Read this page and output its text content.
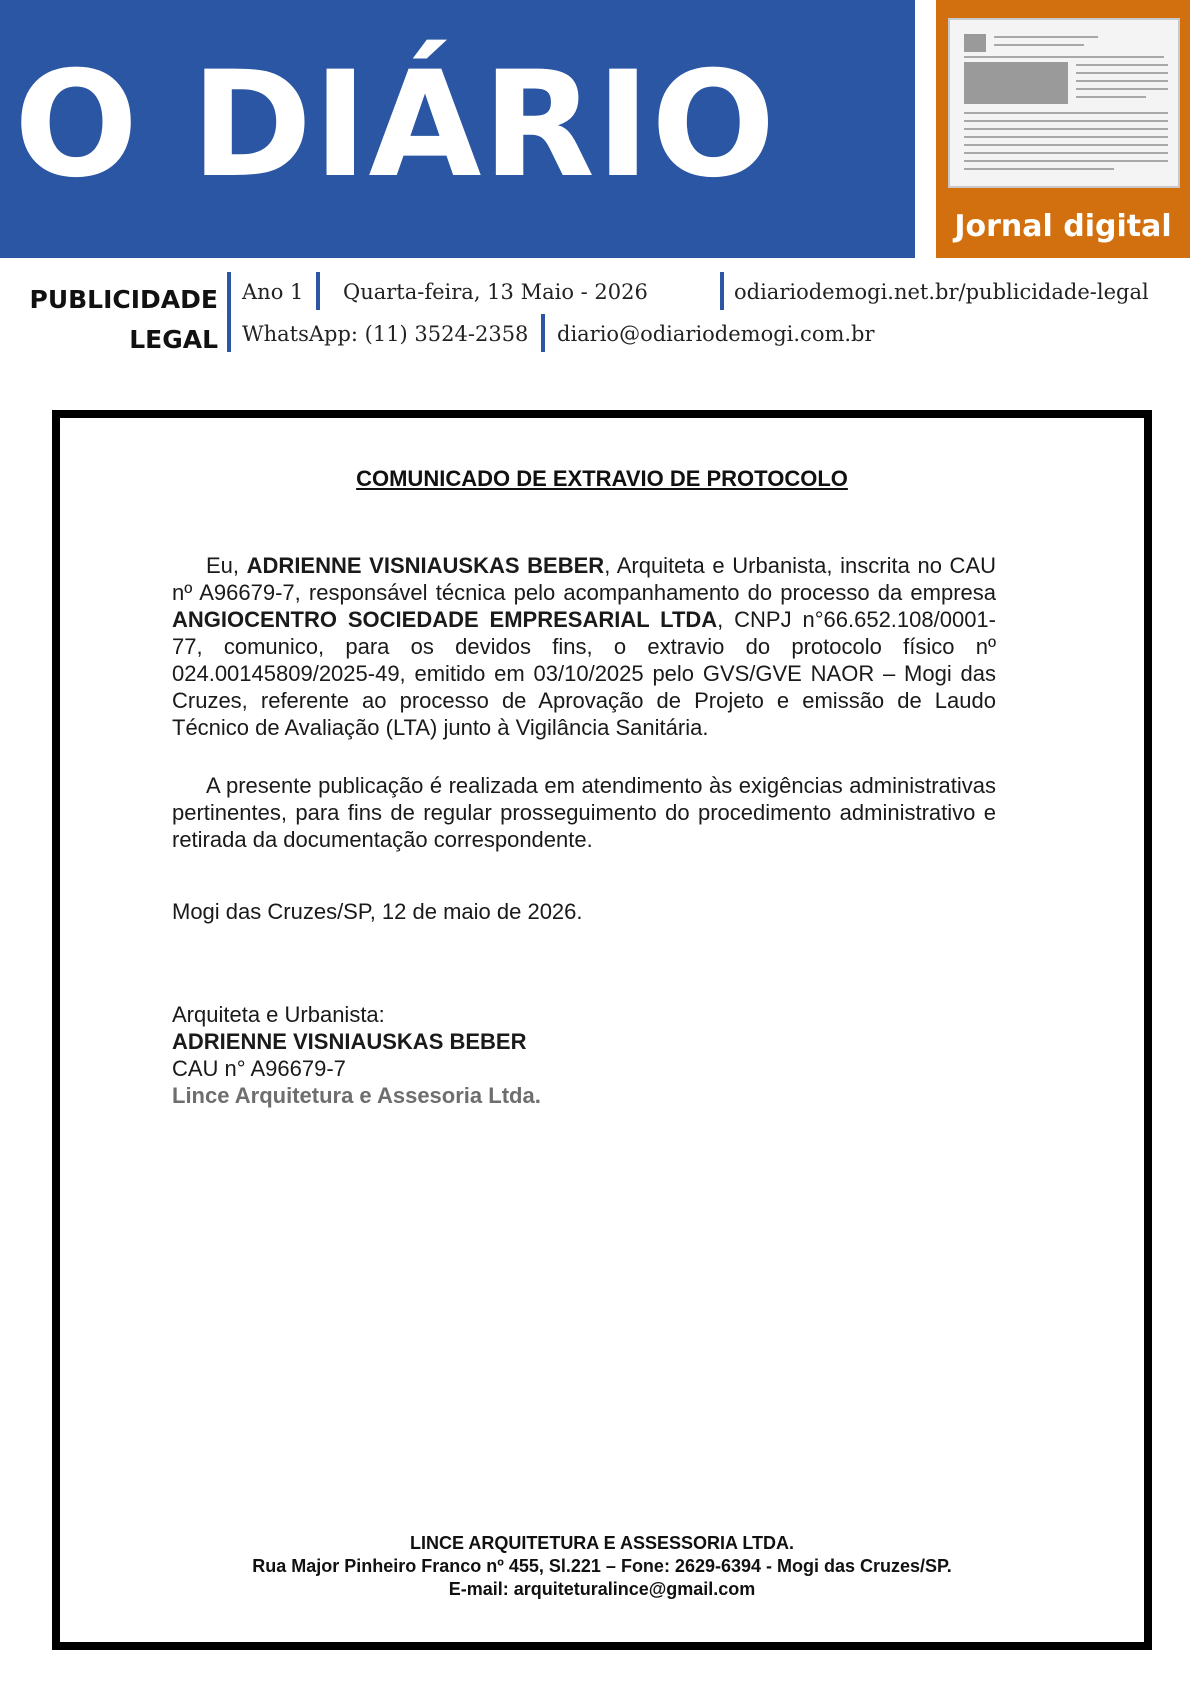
O DIÁRIO
Jornal digital
PUBLICIDADE
LEGAL
Ano 1 Quarta-feira, 13 Maio - 2026	odiariodemogi.net.br/publicidade-legal
WhatsApp: (11) 3524-2358 diario@odiariodemogi.com.br
COMUNICADO DE EXTRAVIO DE PROTOCOLO
Eu, ADRIENNE VISNIAUSKAS BEBER, Arquiteta e Urbanista, inscrita no CAU nº A96679-7, responsável técnica pelo acompanhamento do processo da empresa ANGIOCENTRO SOCIEDADE EMPRESARIAL LTDA, CNPJ n°66.652.108/0001-77, comunico, para os devidos fins, o extravio do protocolo físico nº 024.00145809/2025-49, emitido em 03/10/2025 pelo GVS/GVE NAOR – Mogi das Cruzes, referente ao processo de Aprovação de Projeto e emissão de Laudo Técnico de Avaliação (LTA) junto à Vigilância Sanitária.
A presente publicação é realizada em atendimento às exigências administrativas pertinentes, para fins de regular prosseguimento do procedimento administrativo e retirada da documentação correspondente.
Mogi das Cruzes/SP, 12 de maio de 2026.
Arquiteta e Urbanista:
ADRIENNE VISNIAUSKAS BEBER
CAU n° A96679-7
Lince Arquitetura e Assesoria Ltda.
LINCE ARQUITETURA E ASSESSORIA LTDA.
Rua Major Pinheiro Franco nº 455, Sl.221 – Fone: 2629-6394 - Mogi das Cruzes/SP.
E-mail: arquiteturalince@gmail.com
